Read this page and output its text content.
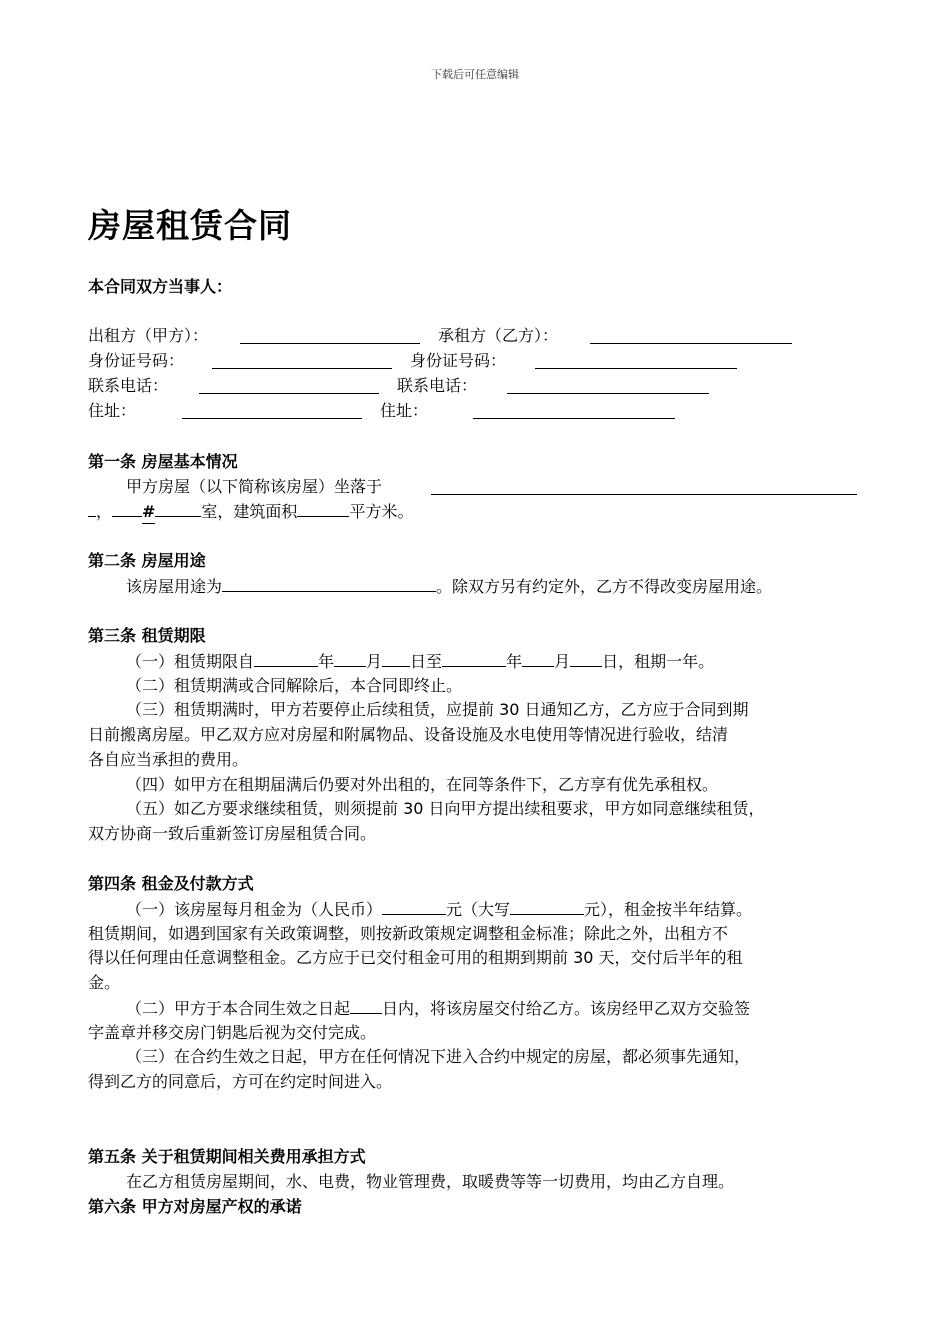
下载后可任意编辑
房屋租赁合同
本合同双方当事人：
出租方（甲方）：	承租方（乙方）：
身份证号码：	身份证号码：
联系电话：	联系电话：
住址：	住址：
第一条 房屋基本情况
甲方房屋（以下简称该房屋）坐落于
， #	室，建筑面积	平方米。
第二条 房屋用途
该房屋用途为	。除双方另有约定外，乙方不得改变房屋用途。
第三条 租赁期限
（一）租赁期限自	年 月 日至	年 月 日，租期一年。
（二）租赁期满或合同解除后，本合同即终止。
（三）租赁期满时，甲方若要停止后续租赁，应提前 30 日通知乙方，乙方应于合同到期
日前搬离房屋。甲乙双方应对房屋和附属物品、设备设施及水电使用等情况进行验收，结清
各自应当承担的费用。
（四）如甲方在租期届满后仍要对外出租的，在同等条件下，乙方享有优先承租权。
（五）如乙方要求继续租赁，则须提前 30 日向甲方提出续租要求，甲方如同意继续租赁，
双方协商一致后重新签订房屋租赁合同。
第四条 租金及付款方式
（一）该房屋每月租金为（人民币）	元（大写	元），租金按半年结算。
租赁期间，如遇到国家有关政策调整，则按新政策规定调整租金标准；除此之外，出租方不
得以任何理由任意调整租金。乙方应于已交付租金可用的租期到期前 30 天，交付后半年的租
金。
（二）甲方于本合同生效之日起 日内，将该房屋交付给乙方。该房经甲乙双方交验签
字盖章并移交房门钥匙后视为交付完成。
（三）在合约生效之日起，甲方在任何情况下进入合约中规定的房屋，都必须事先通知，
得到乙方的同意后，方可在约定时间进入。
第五条 关于租赁期间相关费用承担方式
在乙方租赁房屋期间，水、电费，物业管理费，取暖费等等一切费用，均由乙方自理。
第六条 甲方对房屋产权的承诺
